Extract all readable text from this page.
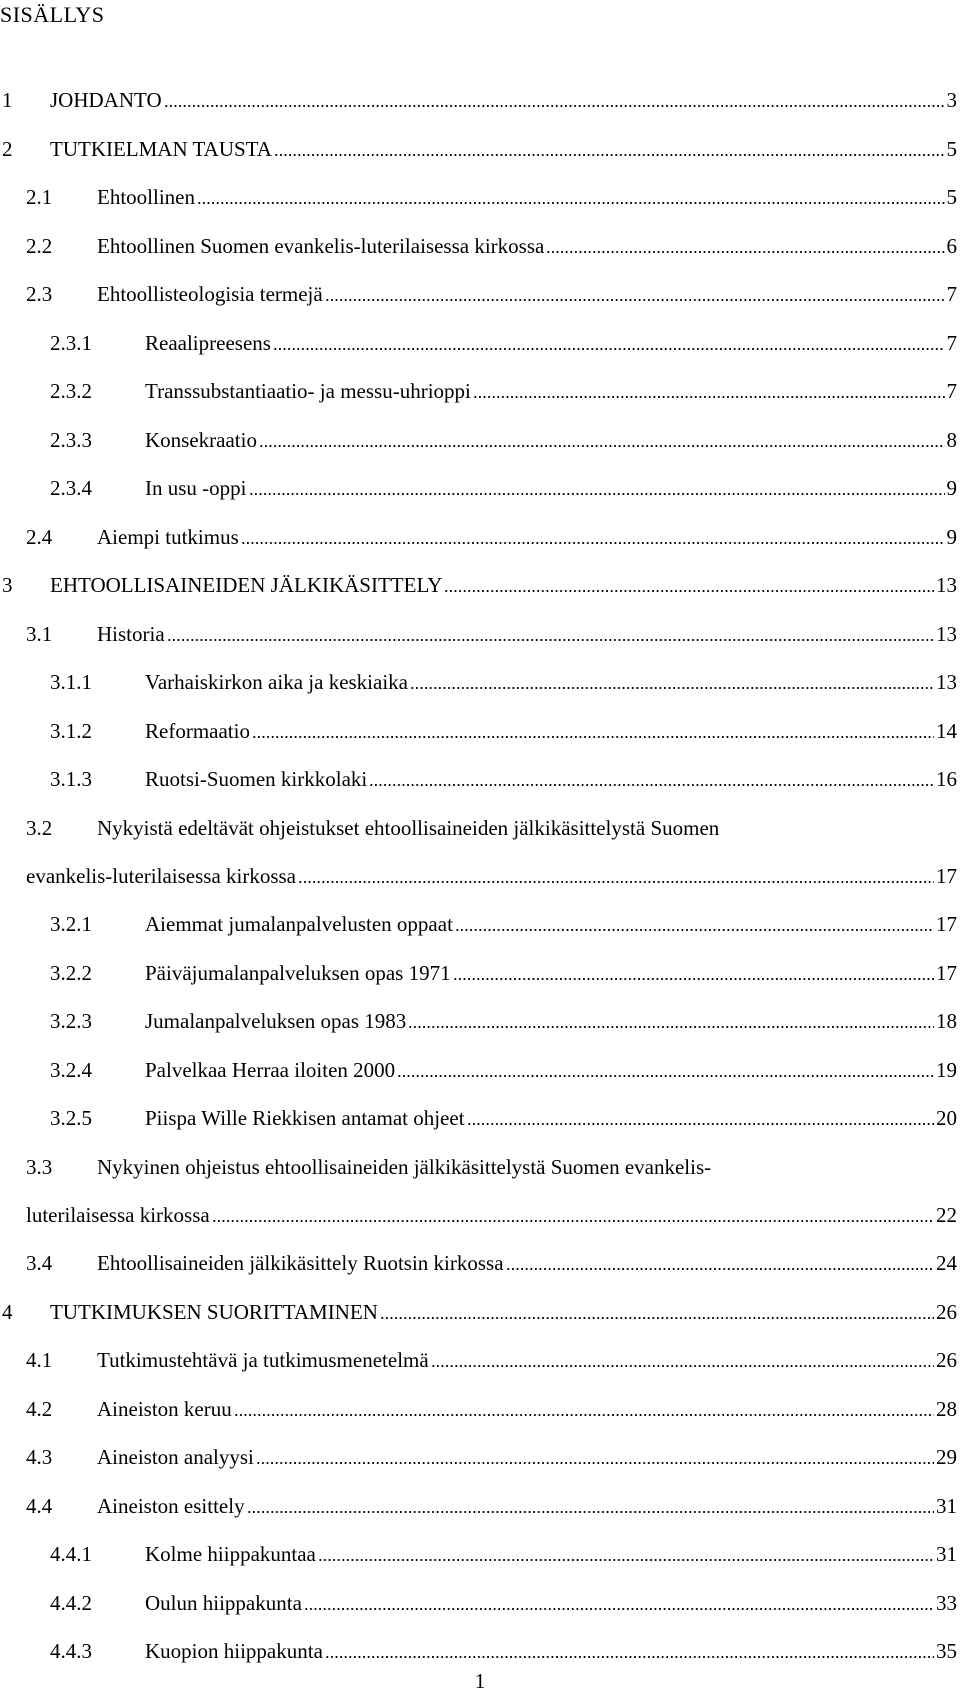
SISÄLLYS
1 JOHDANTO	3
2 TUTKIELMAN TAUSTA	5
2.1 Ehtoollinen	5
2.2 Ehtoollinen Suomen evankelis-luterilaisessa kirkossa	6
2.3 Ehtoollisteologisia termejä	7
2.3.1	Reaalipreesens	7
2.3.2	Transsubstantiaatio- ja messu-uhrioppi	7
2.3.3	Konsekraatio	8
2.3.4	In usu -oppi	9
2.4 Aiempi tutkimus	9
3 EHTOOLLISAINEIDEN JÄLKIKÄSITTELY	13
3.1 Historia	13
3.1.1	Varhaiskirkon aika ja keskiaika	13
3.1.2	Reformaatio	14
3.1.3	Ruotsi-Suomen kirkkolaki	16
3.2 Nykyistä edeltävät ohjeistukset ehtoollisaineiden jälkikäsittelystä Suomen
evankelis-luterilaisessa kirkossa	17
3.2.1	Aiemmat jumalanpalvelusten oppaat	17
3.2.2	Päiväjumalanpalveluksen opas 1971	17
3.2.3	Jumalanpalveluksen opas 1983	18
3.2.4	Palvelkaa Herraa iloiten 2000	19
3.2.5	Piispa Wille Riekkisen antamat ohjeet	20
3.3 Nykyinen ohjeistus ehtoollisaineiden jälkikäsittelystä Suomen evankelis-
luterilaisessa kirkossa	22
3.4 Ehtoollisaineiden jälkikäsittely Ruotsin kirkossa	24
4 TUTKIMUKSEN SUORITTAMINEN	26
4.1 Tutkimustehtävä ja tutkimusmenetelmä	26
4.2 Aineiston keruu	28
4.3 Aineiston analyysi	29
4.4 Aineiston esittely	31
4.4.1	Kolme hiippakuntaa	31
4.4.2	Oulun hiippakunta	33
4.4.3	Kuopion hiippakunta	35
1
